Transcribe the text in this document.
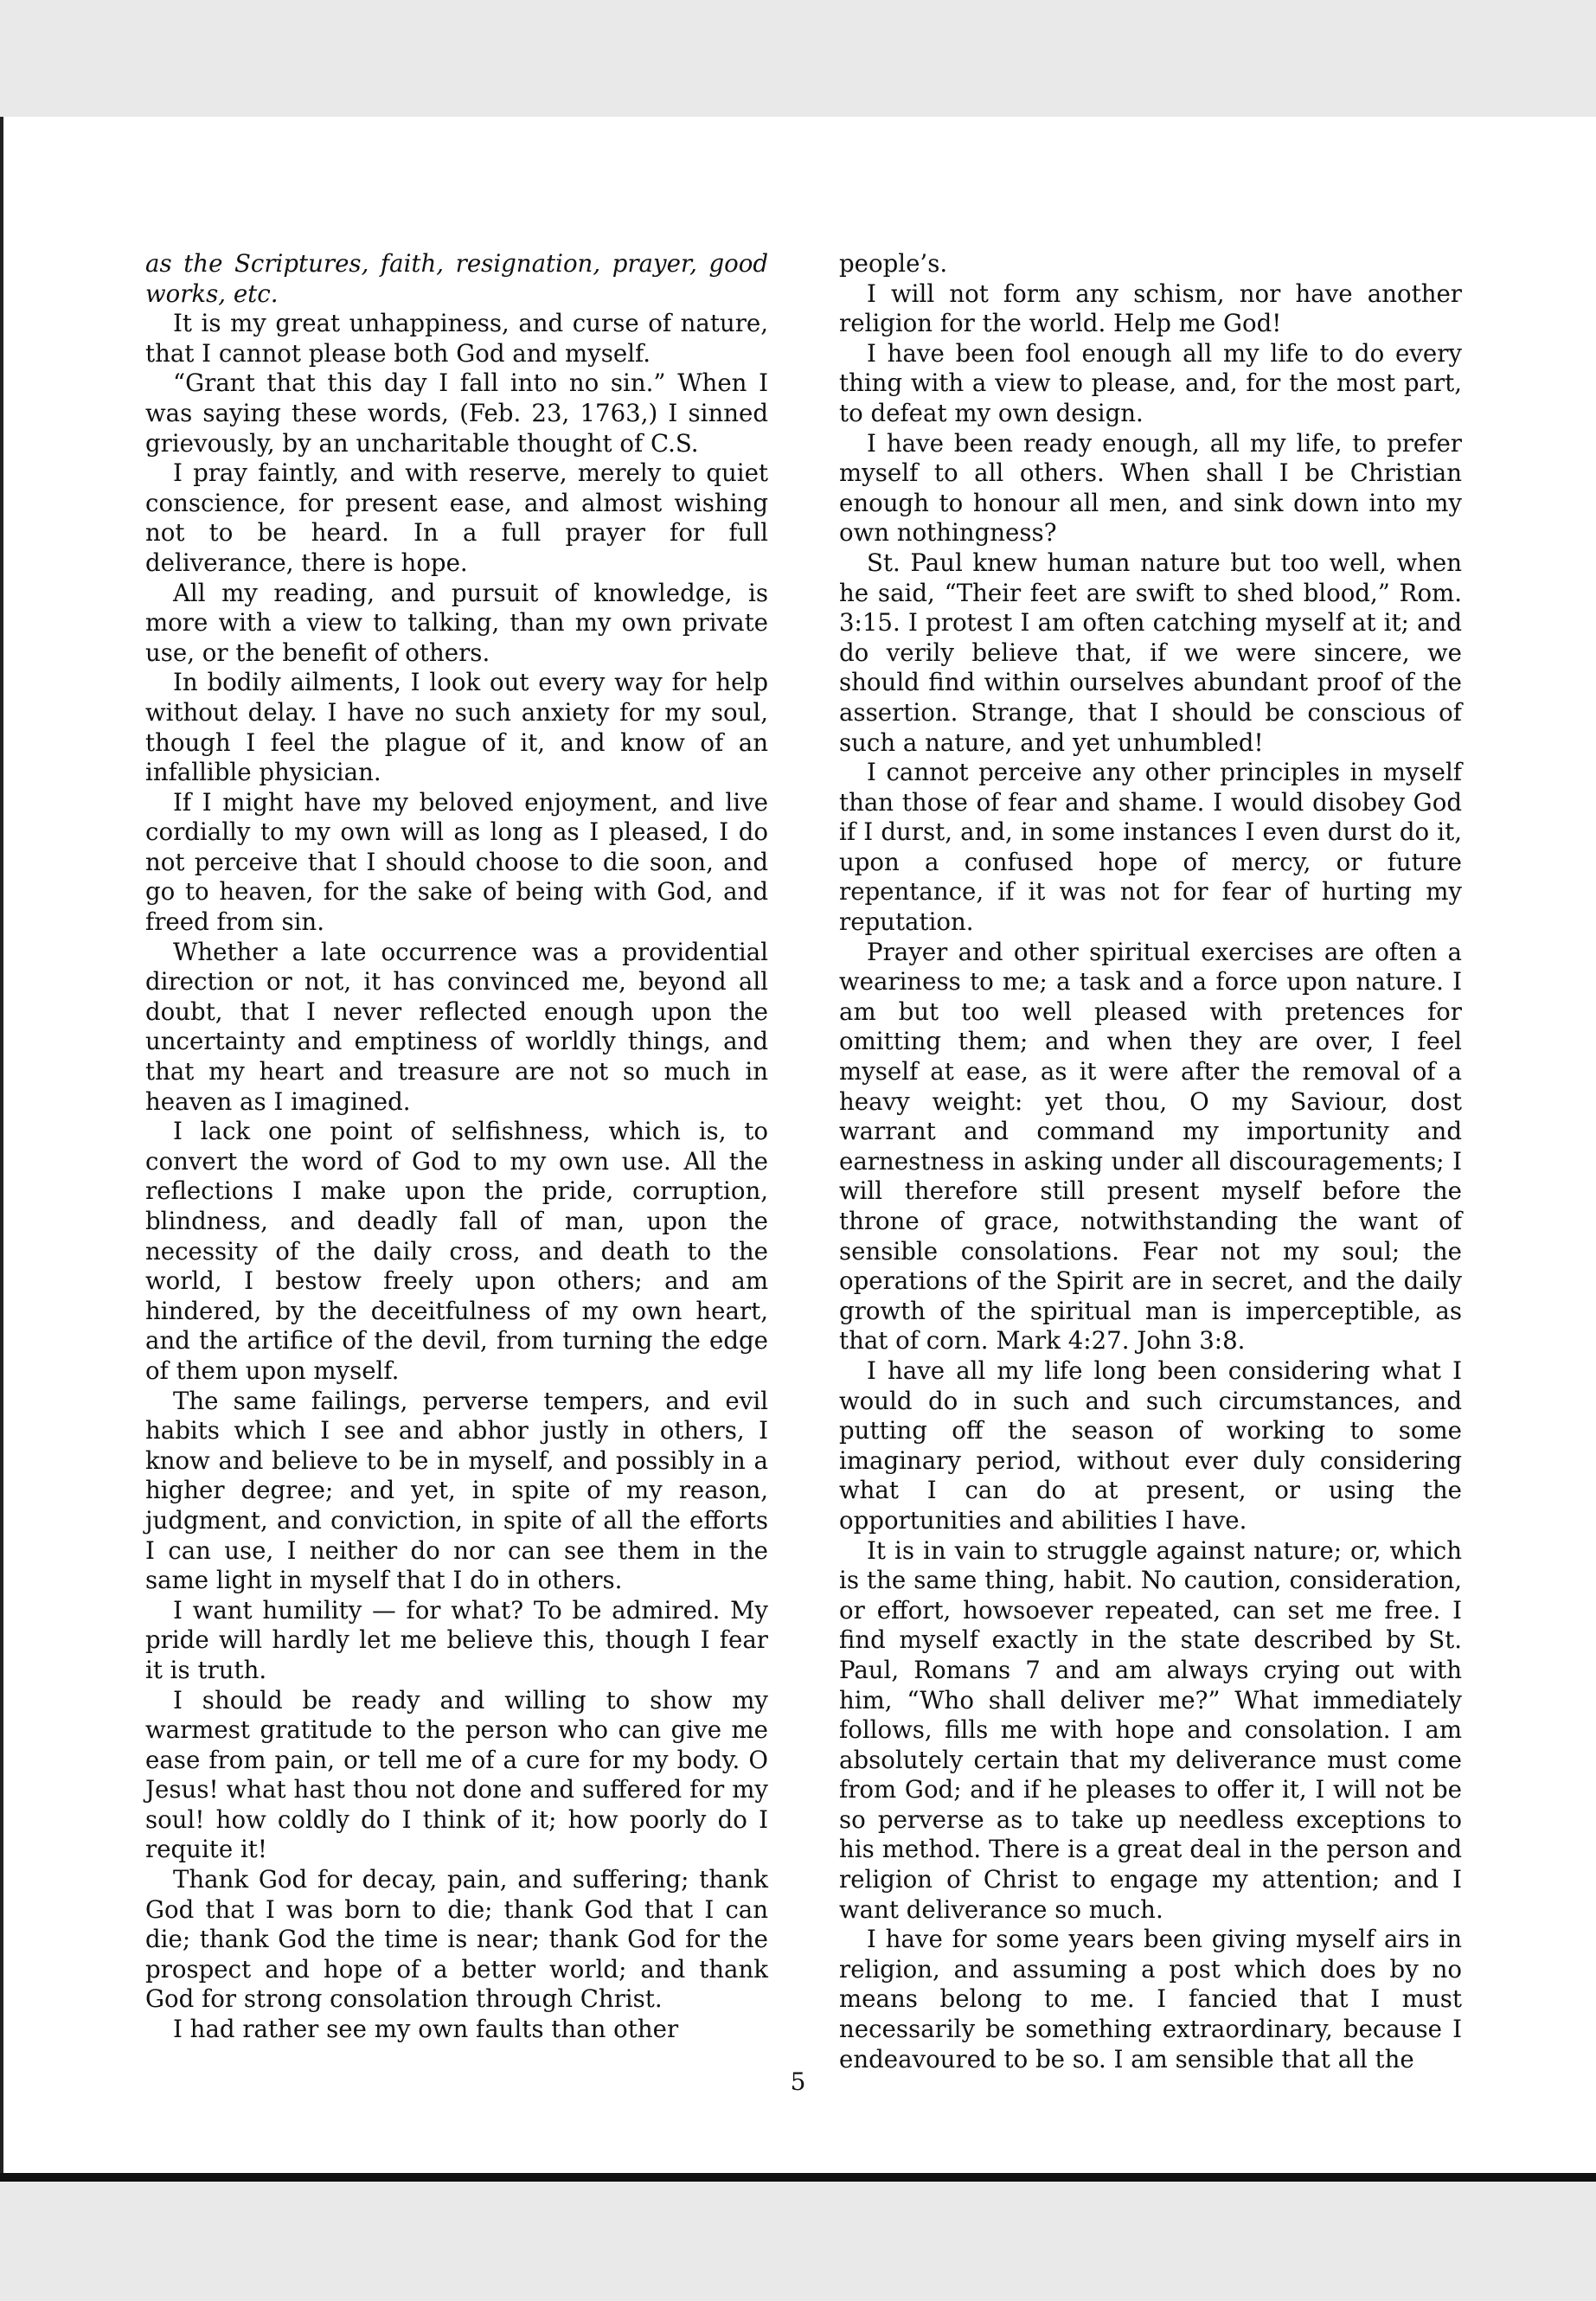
as the Scriptures, faith, resignation, prayer, good works, etc.

It is my great unhappiness, and curse of nature, that I cannot please both God and myself.

“Grant that this day I fall into no sin.” When I was saying these words, (Feb. 23, 1763,) I sinned grievously, by an uncharitable thought of C.S.

I pray faintly, and with reserve, merely to quiet conscience, for present ease, and almost wishing not to be heard. In a full prayer for full deliverance, there is hope.

All my reading, and pursuit of knowledge, is more with a view to talking, than my own private use, or the benefit of others.

In bodily ailments, I look out every way for help without delay. I have no such anxiety for my soul, though I feel the plague of it, and know of an infallible physician.

If I might have my beloved enjoyment, and live cordially to my own will as long as I pleased, I do not perceive that I should choose to die soon, and go to heaven, for the sake of being with God, and freed from sin.

Whether a late occurrence was a providential direction or not, it has convinced me, beyond all doubt, that I never reflected enough upon the uncertainty and emptiness of worldly things, and that my heart and treasure are not so much in heaven as I imagined.

I lack one point of selfishness, which is, to convert the word of God to my own use. All the reflections I make upon the pride, corruption, blindness, and deadly fall of man, upon the necessity of the daily cross, and death to the world, I bestow freely upon others; and am hindered, by the deceitfulness of my own heart, and the artifice of the devil, from turning the edge of them upon myself.

The same failings, perverse tempers, and evil habits which I see and abhor justly in others, I know and believe to be in myself, and possibly in a higher degree; and yet, in spite of my reason, judgment, and conviction, in spite of all the efforts I can use, I neither do nor can see them in the same light in myself that I do in others.

I want humility — for what? To be admired. My pride will hardly let me believe this, though I fear it is truth.

I should be ready and willing to show my warmest gratitude to the person who can give me ease from pain, or tell me of a cure for my body. O Jesus! what hast thou not done and suffered for my soul! how coldly do I think of it; how poorly do I requite it!

Thank God for decay, pain, and suffering; thank God that I was born to die; thank God that I can die; thank God the time is near; thank God for the prospect and hope of a better world; and thank God for strong consolation through Christ.

I had rather see my own faults than other

people’s.

I will not form any schism, nor have another religion for the world. Help me God!

I have been fool enough all my life to do every thing with a view to please, and, for the most part, to defeat my own design.

I have been ready enough, all my life, to prefer myself to all others. When shall I be Christian enough to honour all men, and sink down into my own nothingness?

St. Paul knew human nature but too well, when he said, “Their feet are swift to shed blood,” Rom. 3:15. I protest I am often catching myself at it; and do verily believe that, if we were sincere, we should find within ourselves abundant proof of the assertion. Strange, that I should be conscious of such a nature, and yet unhumbled!

I cannot perceive any other principles in myself than those of fear and shame. I would disobey God if I durst, and, in some instances I even durst do it, upon a confused hope of mercy, or future repentance, if it was not for fear of hurting my reputation.

Prayer and other spiritual exercises are often a weariness to me; a task and a force upon nature. I am but too well pleased with pretences for omitting them; and when they are over, I feel myself at ease, as it were after the removal of a heavy weight: yet thou, O my Saviour, dost warrant and command my importunity and earnestness in asking under all discouragements; I will therefore still present myself before the throne of grace, notwithstanding the want of sensible consolations. Fear not my soul; the operations of the Spirit are in secret, and the daily growth of the spiritual man is imperceptible, as that of corn. Mark 4:27. John 3:8.

I have all my life long been considering what I would do in such and such circumstances, and putting off the season of working to some imaginary period, without ever duly considering what I can do at present, or using the opportunities and abilities I have.

It is in vain to struggle against nature; or, which is the same thing, habit. No caution, consideration, or effort, howsoever repeated, can set me free. I find myself exactly in the state described by St. Paul, Romans 7 and am always crying out with him, “Who shall deliver me?” What immediately follows, fills me with hope and consolation. I am absolutely certain that my deliverance must come from God; and if he pleases to offer it, I will not be so perverse as to take up needless exceptions to his method. There is a great deal in the person and religion of Christ to engage my attention; and I want deliverance so much.

I have for some years been giving myself airs in religion, and assuming a post which does by no means belong to me. I fancied that I must necessarily be something extraordinary, because I endeavoured to be so. I am sensible that all the

5
